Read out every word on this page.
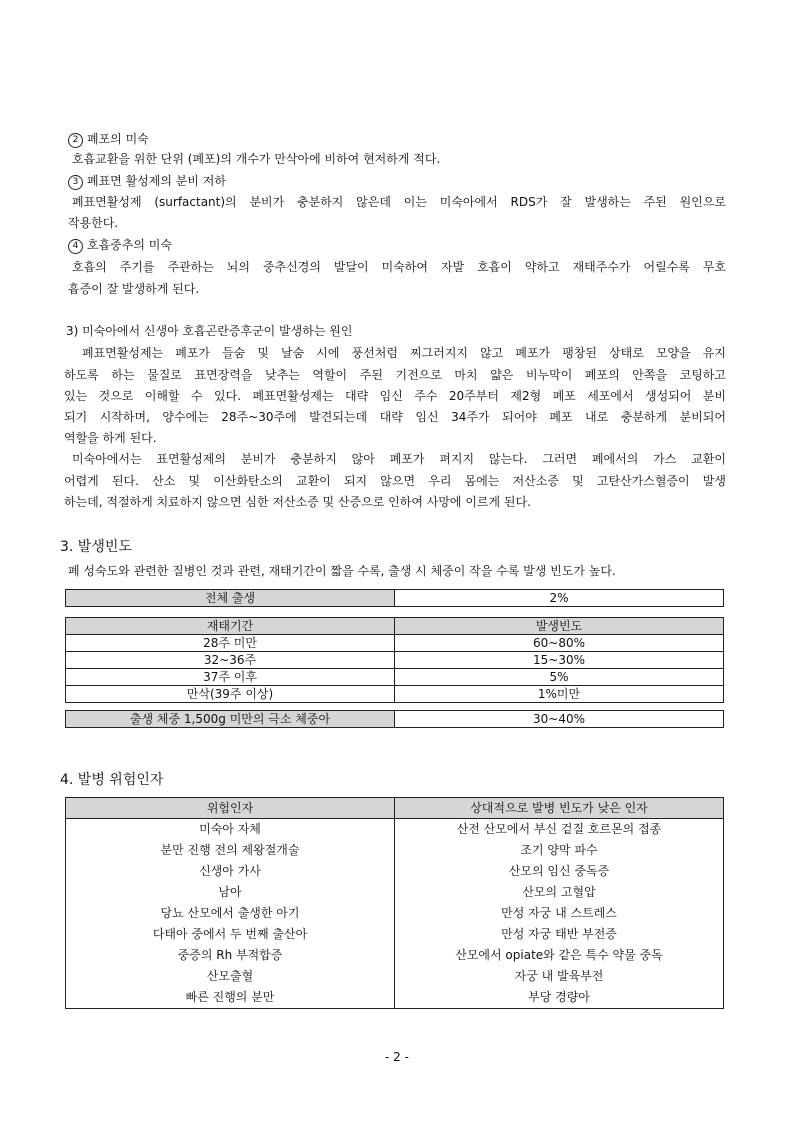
2 폐포의 미숙
호흡교환을 위한 단위 (폐포)의 개수가 만삭아에 비하여 현저하게 적다.
3 폐표면 활성제의 분비 저하
폐표면활성제 (surfactant)의 분비가 충분하지 않은데 이는 미숙아에서 RDS가 잘 발생하는 주된 원인으로
작용한다.
4 호흡중추의 미숙
호흡의 주기를 주관하는 뇌의 중추신경의 발달이 미숙하여 자발 호흡이 약하고 재태주수가 어릴수록 무호
흡증이 잘 발생하게 된다.
3) 미숙아에서 신생아 호흡곤란증후군이 발생하는 원인
폐표면활성제는 폐포가 들숨 및 날숨 시에 풍선처럼 찌그러지지 않고 폐포가 팽창된 상태로 모양을 유지
하도록 하는 물질로 표면장력을 낮추는 역할이 주된 기전으로 마치 얇은 비누막이 폐포의 안쪽을 코팅하고
있는 것으로 이해할 수 있다. 폐표면활성제는 대략 임신 주수 20주부터 제2형 폐포 세포에서 생성되어 분비
되기 시작하며, 양수에는 28주~30주에 발견되는데 대략 임신 34주가 되어야 폐포 내로 충분하게 분비되어
역할을 하게 된다.
미숙아에서는 표면활성제의 분비가 충분하지 않아 폐포가 펴지지 않는다. 그러면 폐에서의 가스 교환이
어렵게 된다. 산소 및 이산화탄소의 교환이 되지 않으면 우리 몸에는 저산소증 및 고탄산가스혈증이 발생
하는데, 적절하게 치료하지 않으면 심한 저산소증 및 산증으로 인하여 사망에 이르게 된다.
3. 발생빈도
폐 성숙도와 관련한 질병인 것과 관련, 재태기간이 짧을 수록, 출생 시 체중이 작을 수록 발생 빈도가 높다.
전체 출생	2%
재태기간	발생빈도
28주 미만	60~80%
32~36주	15~30%
37주 이후	5%
만삭(39주 이상)	1%미만
출생 체중 1,500g 미만의 극소 체중아	30~40%
4. 발병 위험인자
위험인자	상대적으로 발병 빈도가 낮은 인자
미숙아 자체	산전 산모에서 부신 겉질 호르몬의 접종
분만 진행 전의 제왕절개술	조기 양막 파수
신생아 가사	산모의 임신 중독증
남아	산모의 고혈압
당뇨 산모에서 출생한 아기	만성 자궁 내 스트레스
다태아 중에서 두 번째 출산아	만성 자궁 태반 부전증
중증의 Rh 부적합증	산모에서 opiate와 같은 특수 약물 중독
산모출혈	자궁 내 발육부전
빠른 진행의 분만	부당 경량아
- 2 -
